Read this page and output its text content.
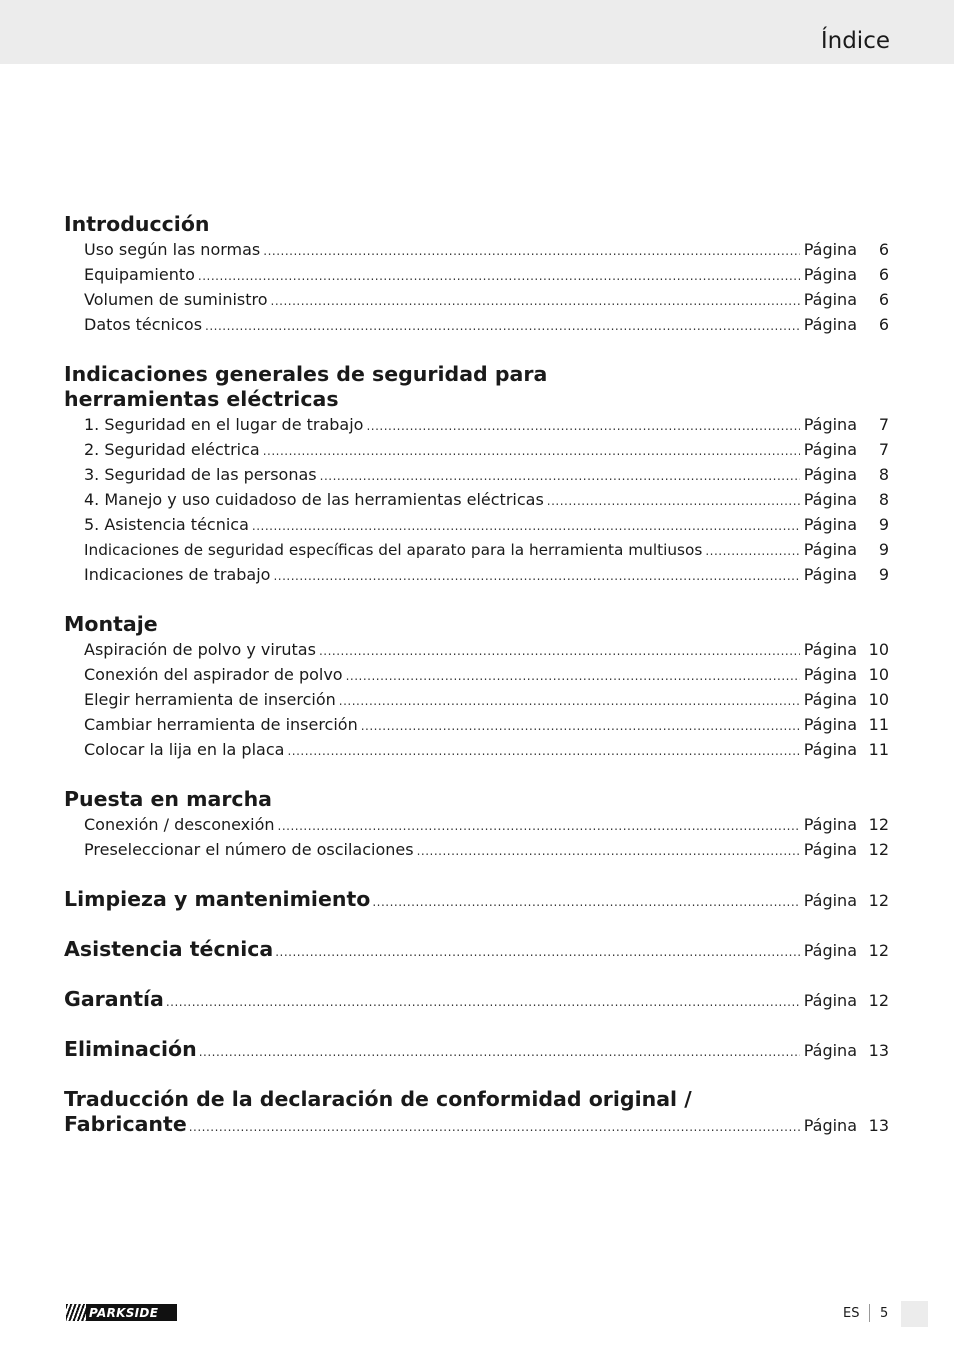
Índice
Introducción
Uso según las normas .....	Página	6
Equipamiento .....	Página	6
Volumen de suministro .....	Página	6
Datos técnicos .....	Página	6
Indicaciones generales de seguridad para
herramientas eléctricas
1. Seguridad en el lugar de trabajo .....	Página	7
2. Seguridad eléctrica .....	Página	7
3. Seguridad de las personas .....	Página	8
4. Manejo y uso cuidadoso de las herramientas eléctricas .....	Página	8
5. Asistencia técnica .....	Página	9
Indicaciones de seguridad específicas del aparato para la herramienta multiusos .....	Página	9
Indicaciones de trabajo .....	Página	9
Montaje
Aspiración de polvo y virutas .....	Página 10
Conexión del aspirador de polvo .....	Página 10
Elegir herramienta de inserción .....	Página 10
Cambiar herramienta de inserción .....	Página 11
Colocar la lija en la placa .....	Página 11
Puesta en marcha
Conexión / desconexión .....	Página 12
Preseleccionar el número de oscilaciones .....	Página 12
Limpieza y mantenimiento .....	Página 12
Asistencia técnica .....	Página 12
Garantía .....	Página 12
Eliminación .....	Página 13
Traducción de la declaración de conformidad original /
Fabricante .....	Página 13
PARKSIDE	ES 5
